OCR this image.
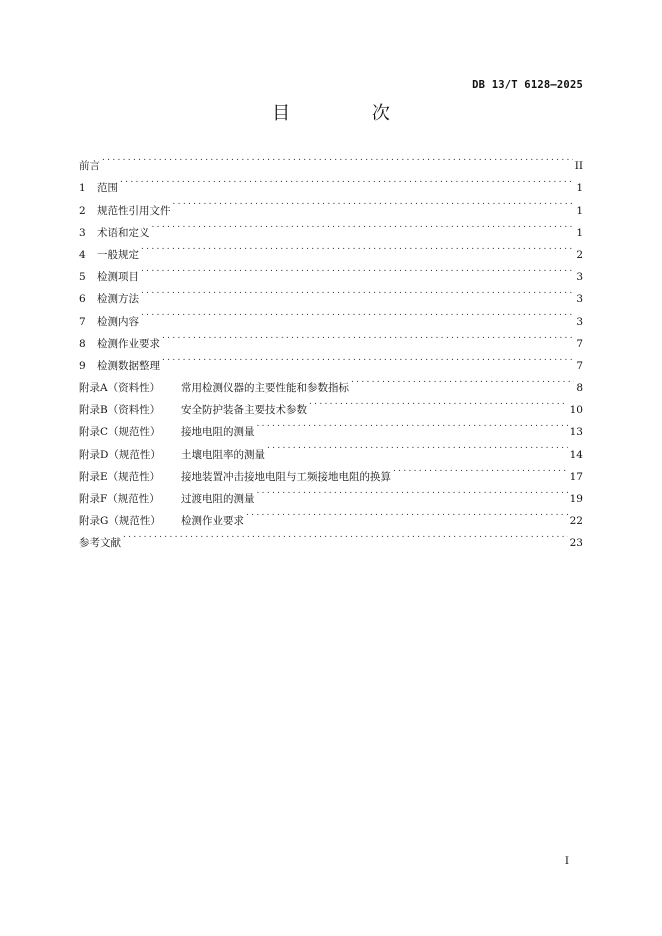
DB 13/T 6128—2025
目 次
前言 .....	II
1 范围 .....	1
2 规范性引用文件 .....	1
3 术语和定义 .....	1
4 一般规定 .....	2
5 检测项目 .....	3
6 检测方法 .....	3
7 检测内容 .....	3
8 检测作业要求 .....	7
9 检测数据整理 .....	7
附录A（资料性） 常用检测仪器的主要性能和参数指标 .....	8
附录B（资料性） 安全防护装备主要技术参数 .....	10
附录C（规范性） 接地电阻的测量 .....	13
附录D（规范性） 土壤电阻率的测量 .....	14
附录E（规范性） 接地装置冲击接地电阻与工频接地电阻的换算 .....	17
附录F（规范性） 过渡电阻的测量 .....	19
附录G（规范性） 检测作业要求 .....	22
参考文献 .....	23
I
